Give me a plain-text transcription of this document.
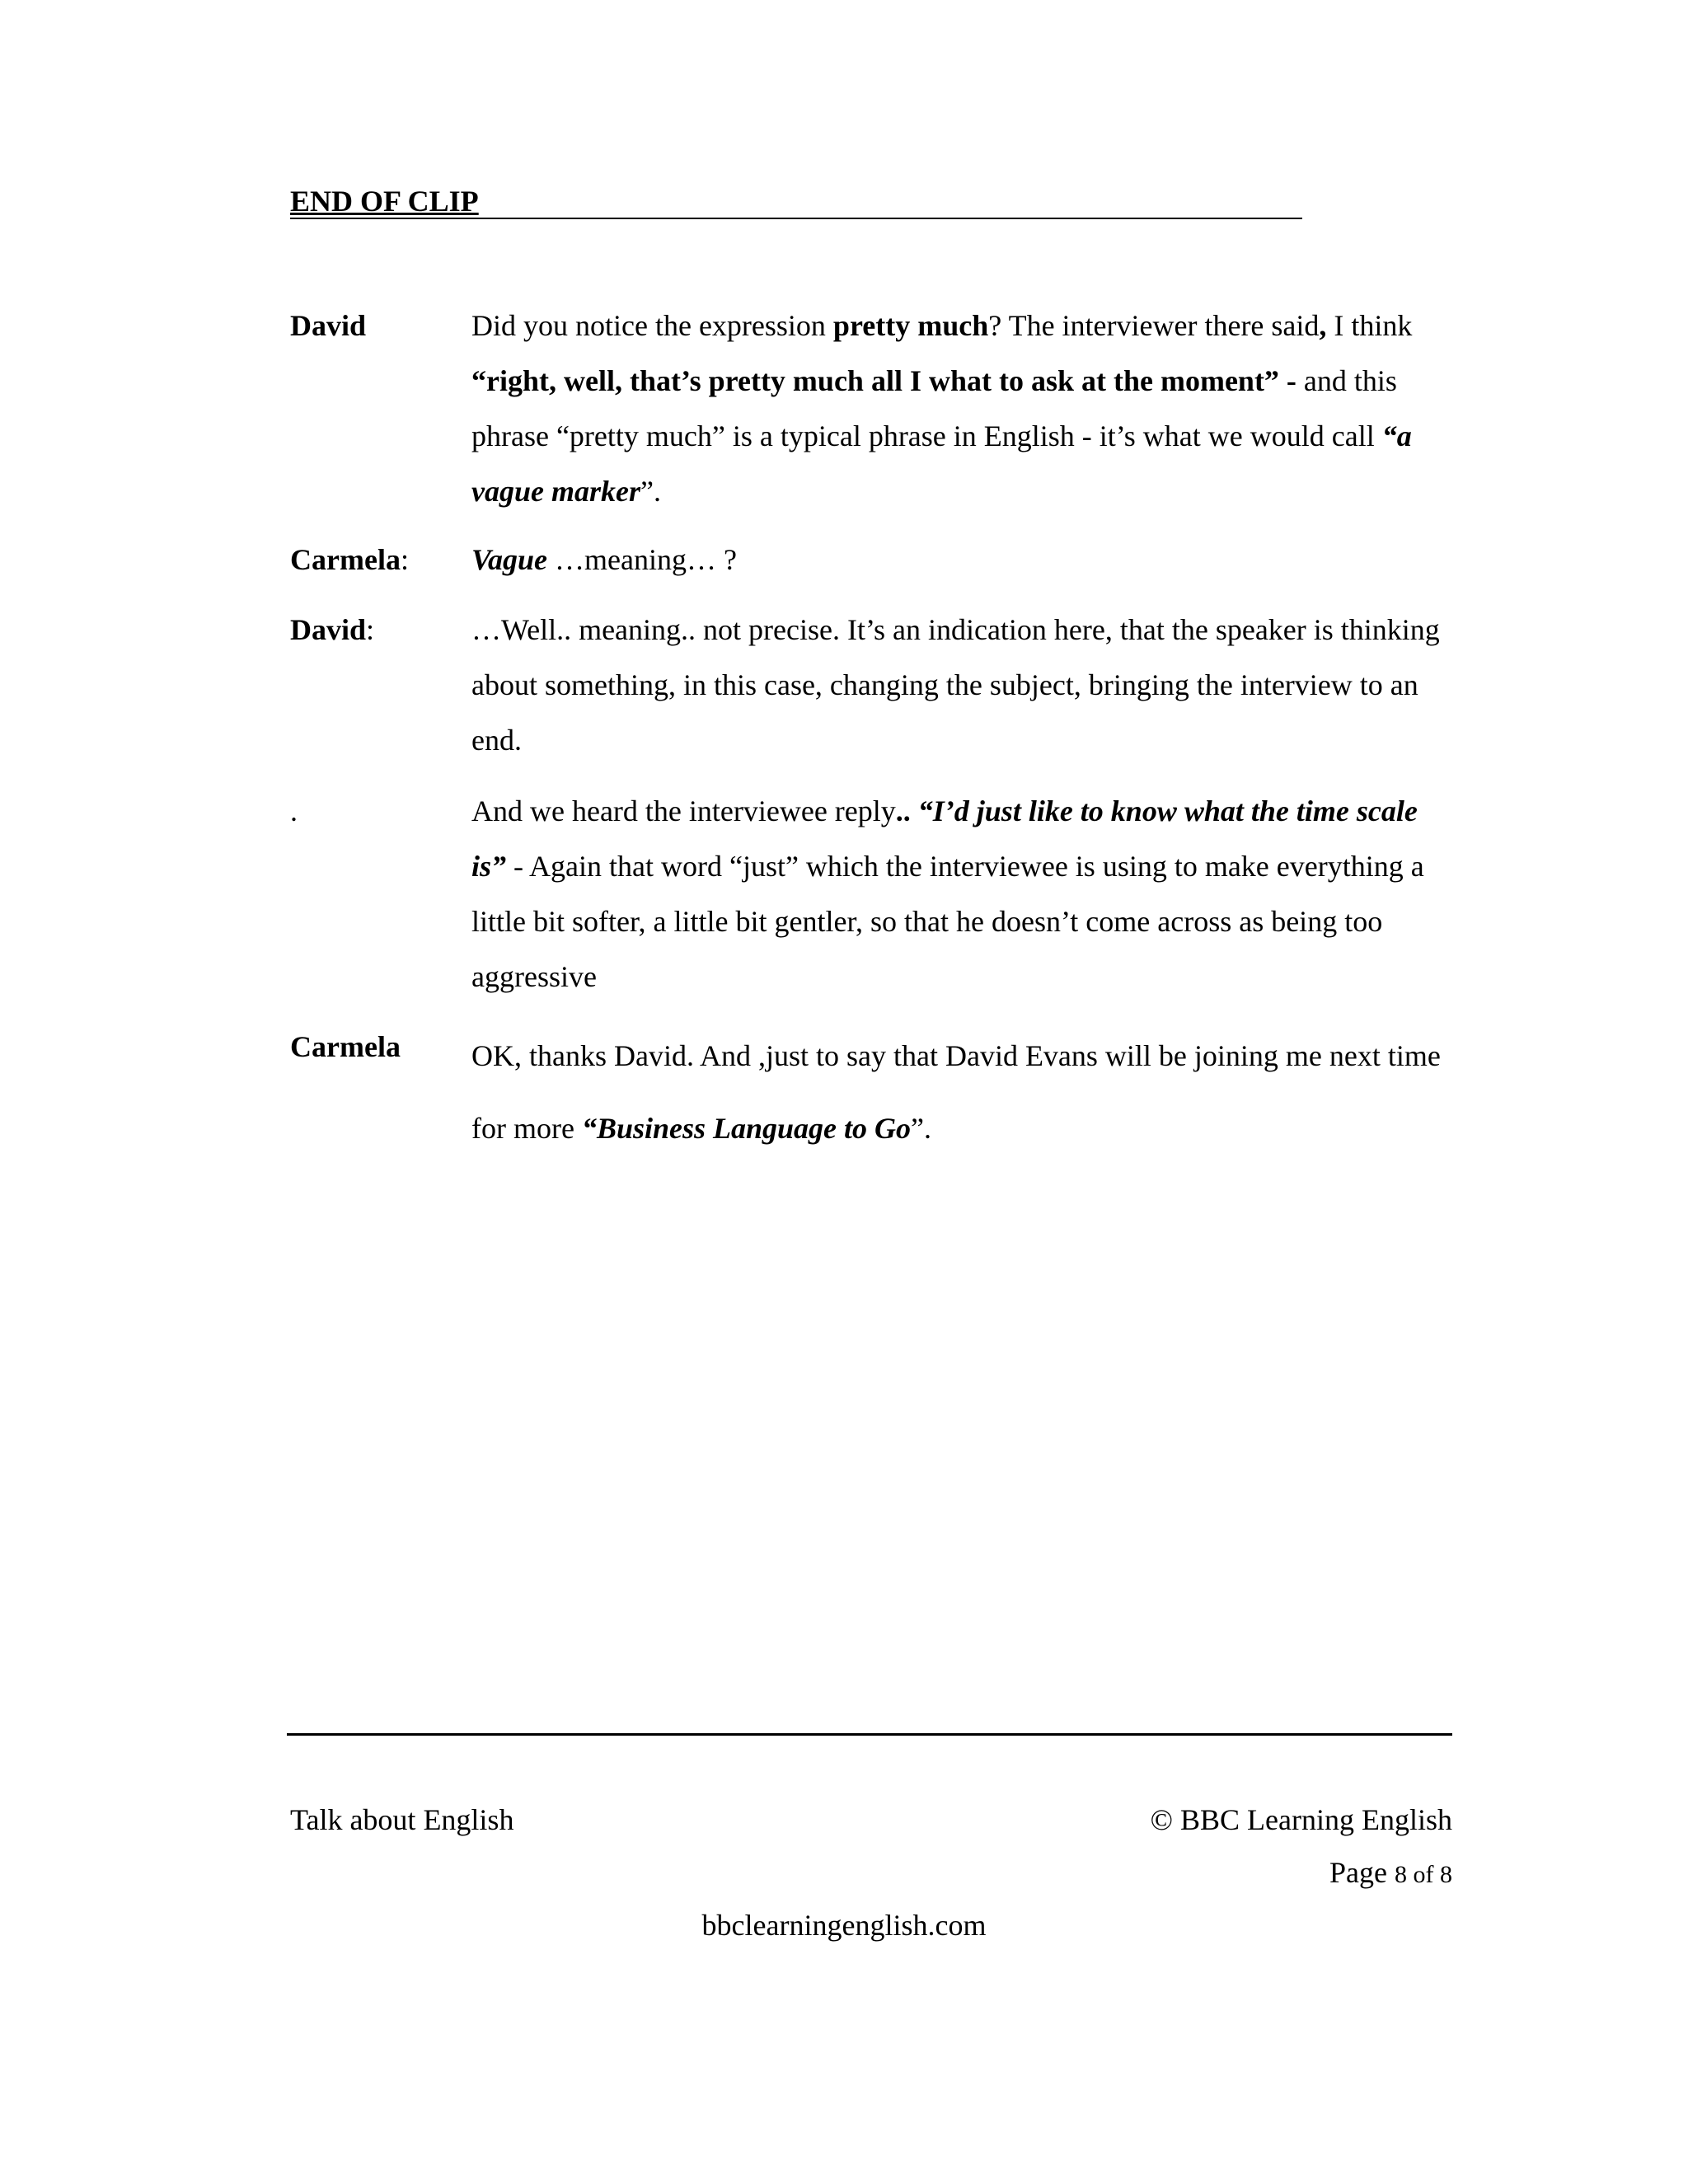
END OF CLIP
David	Did you notice the expression pretty much? The interviewer there said, I think “right, well, that’s pretty much all I what to ask at the moment” - and this phrase “pretty much” is a typical phrase in English - it’s what we would call “a vague marker”.

Carmela: Vague …meaning… ?

David:	…Well.. meaning.. not precise. It’s an indication here, that the speaker is thinking about something, in this case, changing the subject, bringing the interview to an end.

.	And we heard the interviewee reply.. “I’d just like to know what the time scale is” - Again that word “just” which the interviewee is using to make everything a little bit softer, a little bit gentler, so that he doesn’t come across as being too aggressive

Carmela OK, thanks David. And ,just to say that David Evans will be joining me next time for more “Business Language to Go”.

Talk about English	© BBC Learning English
Page 8 of 8
bbclearningenglish.com
